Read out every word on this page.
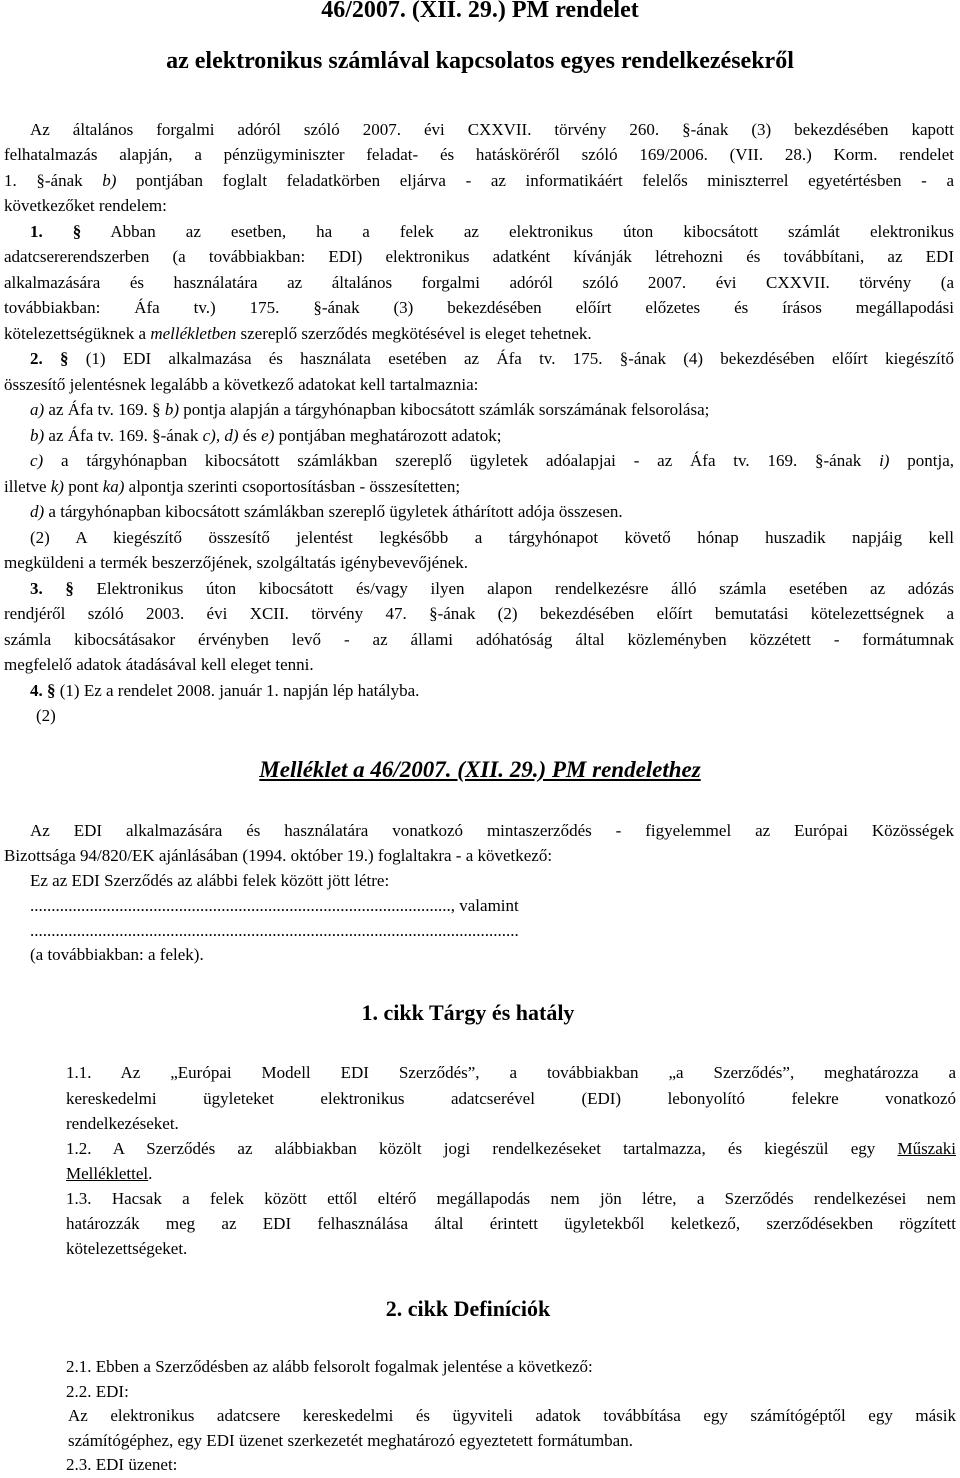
46/2007. (XII. 29.) PM rendelet
az elektronikus számlával kapcsolatos egyes rendelkezésekről
Az általános forgalmi adóról szóló 2007. évi CXXVII. törvény 260. §-ának (3) bekezdésében kapott
felhatalmazás alapján, a pénzügyminiszter feladat- és hatásköréről szóló 169/2006. (VII. 28.) Korm. rendelet
1. §-ának b) pontjában foglalt feladatkörben eljárva - az informatikáért felelős miniszterrel egyetértésben - a
következőket rendelem:
1. § Abban az esetben, ha a felek az elektronikus úton kibocsátott számlát elektronikus
adatcsererendszerben (a továbbiakban: EDI) elektronikus adatként kívánják létrehozni és továbbítani, az EDI
alkalmazására és használatára az általános forgalmi adóról szóló 2007. évi CXXVII. törvény (a
továbbiakban: Áfa tv.) 175. §-ának (3) bekezdésében előírt előzetes és írásos megállapodási
kötelezettségüknek a mellékletben szereplő szerződés megkötésével is eleget tehetnek.
2. § (1) EDI alkalmazása és használata esetében az Áfa tv. 175. §-ának (4) bekezdésében előírt kiegészítő
összesítő jelentésnek legalább a következő adatokat kell tartalmaznia:
a) az Áfa tv. 169. § b) pontja alapján a tárgyhónapban kibocsátott számlák sorszámának felsorolása;
b) az Áfa tv. 169. §-ának c), d) és e) pontjában meghatározott adatok;
c) a tárgyhónapban kibocsátott számlákban szereplő ügyletek adóalapjai - az Áfa tv. 169. §-ának i) pontja,
illetve k) pont ka) alpontja szerinti csoportosításban - összesítetten;
d) a tárgyhónapban kibocsátott számlákban szereplő ügyletek áthárított adója összesen.
(2) A kiegészítő összesítő jelentést legkésőbb a tárgyhónapot követő hónap huszadik napjáig kell
megküldeni a termék beszerzőjének, szolgáltatás igénybevevőjének.
3. § Elektronikus úton kibocsátott és/vagy ilyen alapon rendelkezésre álló számla esetében az adózás
rendjéről szóló 2003. évi XCII. törvény 47. §-ának (2) bekezdésében előírt bemutatási kötelezettségnek a
számla kibocsátásakor érvényben levő - az állami adóhatóság által közleményben közzétett - formátumnak
megfelelő adatok átadásával kell eleget tenni.
4. § (1) Ez a rendelet 2008. január 1. napján lép hatályba.
(2)
Melléklet a 46/2007. (XII. 29.) PM rendelethez
Az EDI alkalmazására és használatára vonatkozó mintaszerződés - figyelemmel az Európai Közösségek
Bizottsága 94/820/EK ajánlásában (1994. október 19.) foglaltakra - a következő:
Ez az EDI Szerződés az alábbi felek között jött létre:
..................................................................................................., valamint
...................................................................................................................
(a továbbiakban: a felek).
1. cikk Tárgy és hatály
1.1. Az „Európai Modell EDI Szerződés”, a továbbiakban „a Szerződés”, meghatározza a
kereskedelmi ügyleteket elektronikus adatcserével (EDI) lebonyolító felekre vonatkozó
rendelkezéseket.
1.2. A Szerződés az alábbiakban közölt jogi rendelkezéseket tartalmazza, és kiegészül egy Műszaki
Melléklettel.
1.3. Hacsak a felek között ettől eltérő megállapodás nem jön létre, a Szerződés rendelkezései nem
határozzák meg az EDI felhasználása által érintett ügyletekből keletkező, szerződésekben rögzített
kötelezettségeket.
2. cikk Definíciók
2.1. Ebben a Szerződésben az alább felsorolt fogalmak jelentése a következő:
2.2. EDI:
Az elektronikus adatcsere kereskedelmi és ügyviteli adatok továbbítása egy számítógéptől egy másik
számítógéphez, egy EDI üzenet szerkezetét meghatározó egyeztetett formátumban.
2.3. EDI üzenet:
